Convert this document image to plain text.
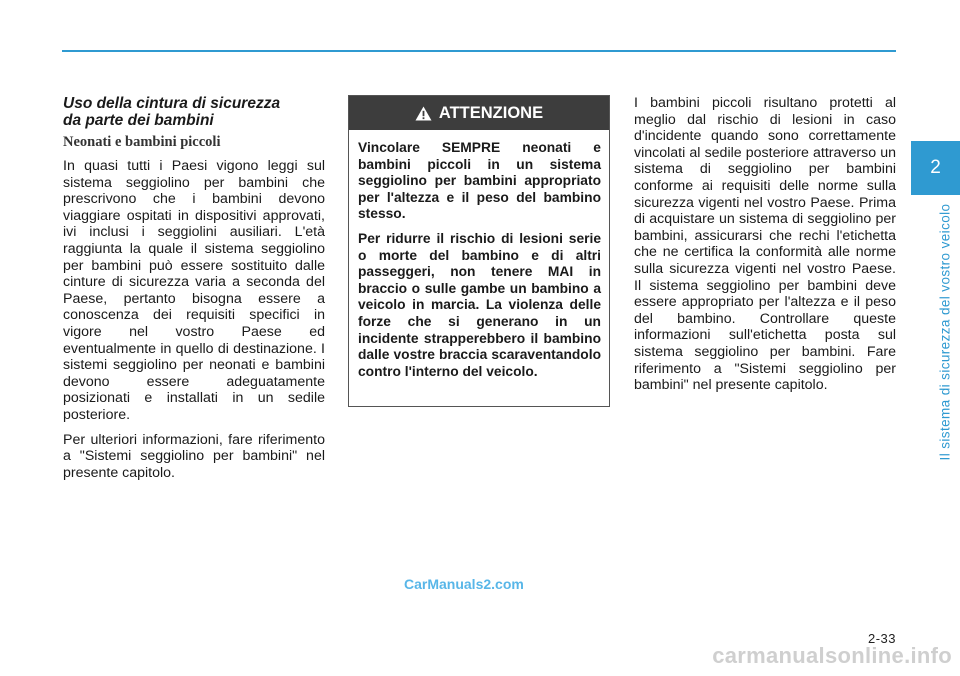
Uso della cintura di sicurezza
da parte dei bambini
Neonati e bambini piccoli

In quasi tutti i Paesi vigono leggi sul sistema seggiolino per bambini che prescrivono che i bambini devono viaggiare ospitati in dispositivi approvati, ivi inclusi i seggiolini ausiliari. L'età raggiunta la quale il sistema seggiolino per bambini può essere sostituito dalle cinture di sicurezza varia a seconda del Paese, pertanto bisogna essere a conoscenza dei requisiti specifici in vigore nel vostro Paese ed eventualmente in quello di destinazione. I sistemi seggiolino per neonati e bambini devono essere adeguatamente posizionati e installati in un sedile posteriore.

Per ulteriori informazioni, fare riferimento a "Sistemi seggiolino per bambini" nel presente capitolo.

ATTENZIONE

Vincolare SEMPRE neonati e bambini piccoli in un sistema seggiolino per bambini appropriato per l'altezza e il peso del bambino stesso.

Per ridurre il rischio di lesioni serie o morte del bambino e di altri passeggeri, non tenere MAI in braccio o sulle gambe un bambino a veicolo in marcia. La violenza delle forze che si generano in un incidente strapperebbero il bambino dalle vostre braccia scaraventandolo contro l'interno del veicolo.

I bambini piccoli risultano protetti al meglio dal rischio di lesioni in caso d'incidente quando sono correttamente vincolati al sedile posteriore attraverso un sistema di seggiolino per bambini conforme ai requisiti delle norme sulla sicurezza vigenti nel vostro Paese. Prima di acquistare un sistema di seggiolino per bambini, assicurarsi che rechi l'etichetta che ne certifica la conformità alle norme sulla sicurezza vigenti nel vostro Paese. Il sistema seggiolino per bambini deve essere appropriato per l'altezza e il peso del bambino. Controllare queste informazioni sull'etichetta posta sul sistema seggiolino per bambini. Fare riferimento a "Sistemi seggiolino per bambini" nel presente capitolo.

2
Il sistema di sicurezza del vostro veicolo
CarManuals2.com
2-33
carmanualsonline.info
